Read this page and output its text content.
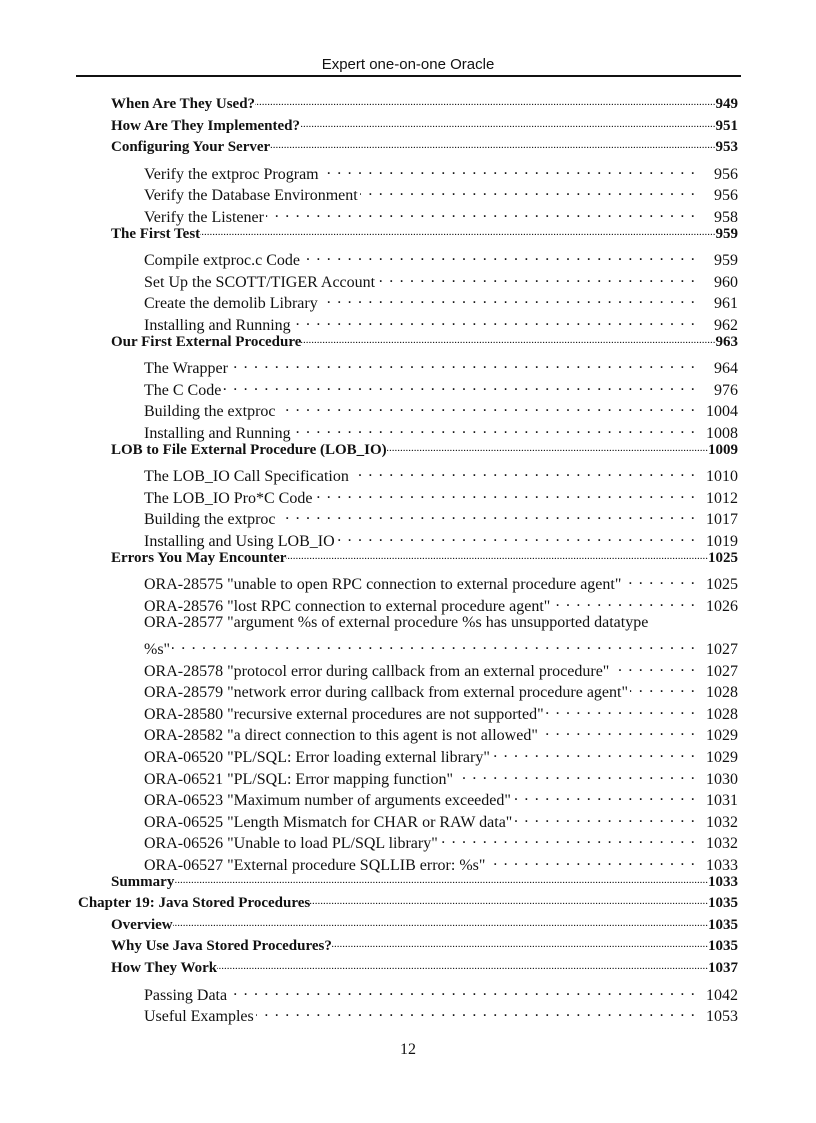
Expert one-on-one Oracle
When Are They Used? .....	949
How Are They Implemented? .....	951
Configuring Your Server .....	953
Verify the extproc Program . . .	956
Verify the Database Environment . . .	956
Verify the Listener . . .	958
The First Test .....	959
Compile extproc.c Code . . .	959
Set Up the SCOTT/TIGER Account . . .	960
Create the demolib Library . . .	961
Installing and Running . . .	962
Our First External Procedure .....	963
The Wrapper . . .	964
The C Code . . .	976
Building the extproc . . .	1004
Installing and Running . . .	1008
LOB to File External Procedure (LOB_IO) .....	1009
The LOB_IO Call Specification . . .	1010
The LOB_IO Pro*C Code . . .	1012
Building the extproc . . .	1017
Installing and Using LOB_IO . . .	1019
Errors You May Encounter .....	1025
ORA-28575 "unable to open RPC connection to external procedure agent" . . .	1025
ORA-28576 "lost RPC connection to external procedure agent" . . .	1026
ORA-28577 "argument %s of external procedure %s has unsupported datatype
%s" . . .	1027
ORA-28578 "protocol error during callback from an external procedure" . . .	1027
ORA-28579 "network error during callback from external procedure agent" . . .	1028
ORA-28580 "recursive external procedures are not supported" . . .	1028
ORA-28582 "a direct connection to this agent is not allowed" . . .	1029
ORA-06520 "PL/SQL: Error loading external library" . . .	1029
ORA-06521 "PL/SQL: Error mapping function" . . .	1030
ORA-06523 "Maximum number of arguments exceeded" . . .	1031
ORA-06525 "Length Mismatch for CHAR or RAW data" . . .	1032
ORA-06526 "Unable to load PL/SQL library" . . .	1032
ORA-06527 "External procedure SQLLIB error: %s" . . .	1033
Summary .....	1033
Chapter 19: Java Stored Procedures .....	1035
Overview .....	1035
Why Use Java Stored Procedures? .....	1035
How They Work .....	1037
Passing Data . . .	1042
Useful Examples . . .	1053
12
